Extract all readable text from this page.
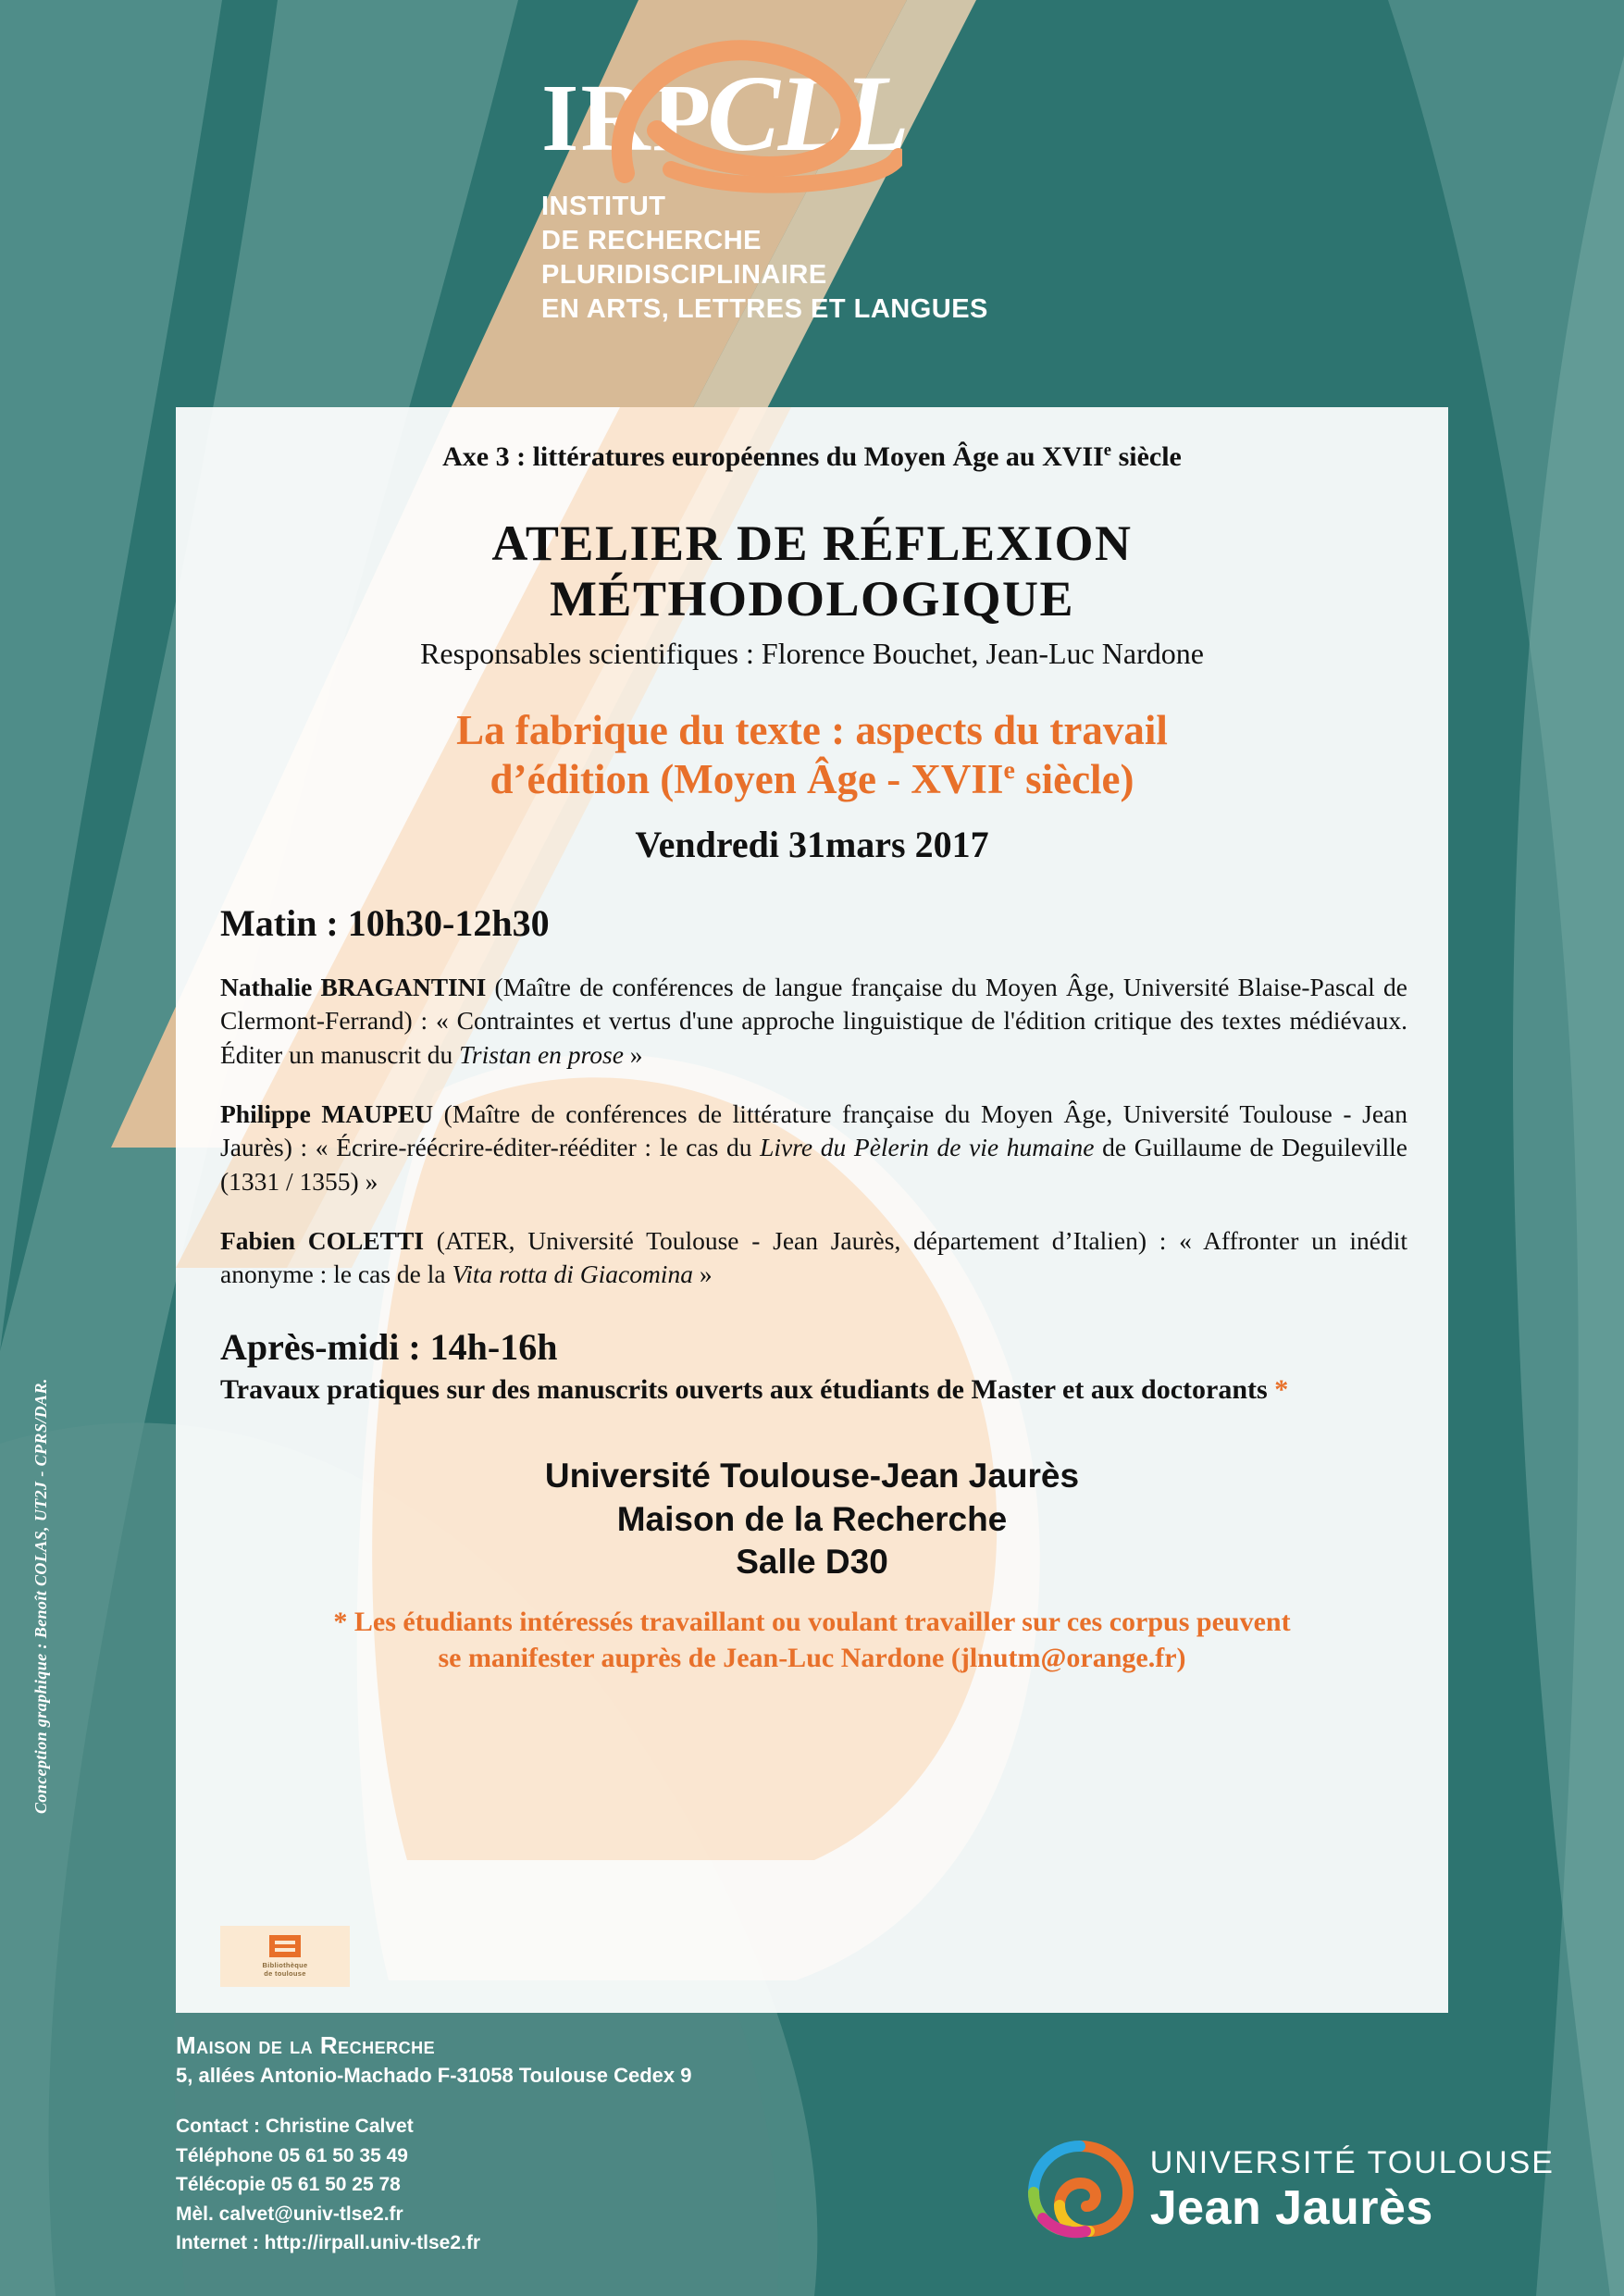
IRPCLL
INSTITUT
DE RECHERCHE
PLURIDISCIPLINAIRE
EN ARTS, LETTRES ET LANGUES
Axe 3 : littératures européennes du Moyen Âge au XVIIe siècle
ATELIER DE RÉFLEXION
MÉTHODOLOGIQUE
Responsables scientifiques : Florence Bouchet, Jean-Luc Nardone
La fabrique du texte : aspects du travail
d’édition (Moyen Âge - XVIIe siècle)
Vendredi 31mars 2017
Matin : 10h30-12h30
Nathalie BRAGANTINI (Maître de conférences de langue française du Moyen Âge, Université Blaise-Pascal de Clermont-Ferrand) : « Contraintes et vertus d'une approche linguistique de l'édition critique des textes médiévaux. Éditer un manuscrit du Tristan en prose »
Philippe MAUPEU (Maître de conférences de littérature française du Moyen Âge, Université Toulouse - Jean Jaurès) : « Écrire-réécrire-éditer-rééditer : le cas du Livre du Pèlerin de vie humaine de Guillaume de Deguileville (1331 / 1355) »
Fabien COLETTI (ATER, Université Toulouse - Jean Jaurès, département d’Italien) : « Affronter un inédit anonyme : le cas de la Vita rotta di Giacomina »
Après-midi : 14h-16h
Travaux pratiques sur des manuscrits ouverts aux étudiants de Master et aux doctorants *
Université Toulouse-Jean Jaurès
Maison de la Recherche
Salle D30
* Les étudiants intéressés travaillant ou voulant travailler sur ces corpus peuvent
se manifester auprès de Jean-Luc Nardone (jlnutm@orange.fr)
Bibliothèque
de toulouse
Maison de la Recherche
5, allées Antonio-Machado F-31058 Toulouse Cedex 9
Contact : Christine Calvet
Téléphone 05 61 50 35 49
Télécopie 05 61 50 25 78
Mèl. calvet@univ-tlse2.fr
Internet : http://irpall.univ-tlse2.fr
Conception graphique : Benoît COLAS, UT2J - CPRS/DAR.
UNIVERSITÉ TOULOUSE
Jean Jaurès
